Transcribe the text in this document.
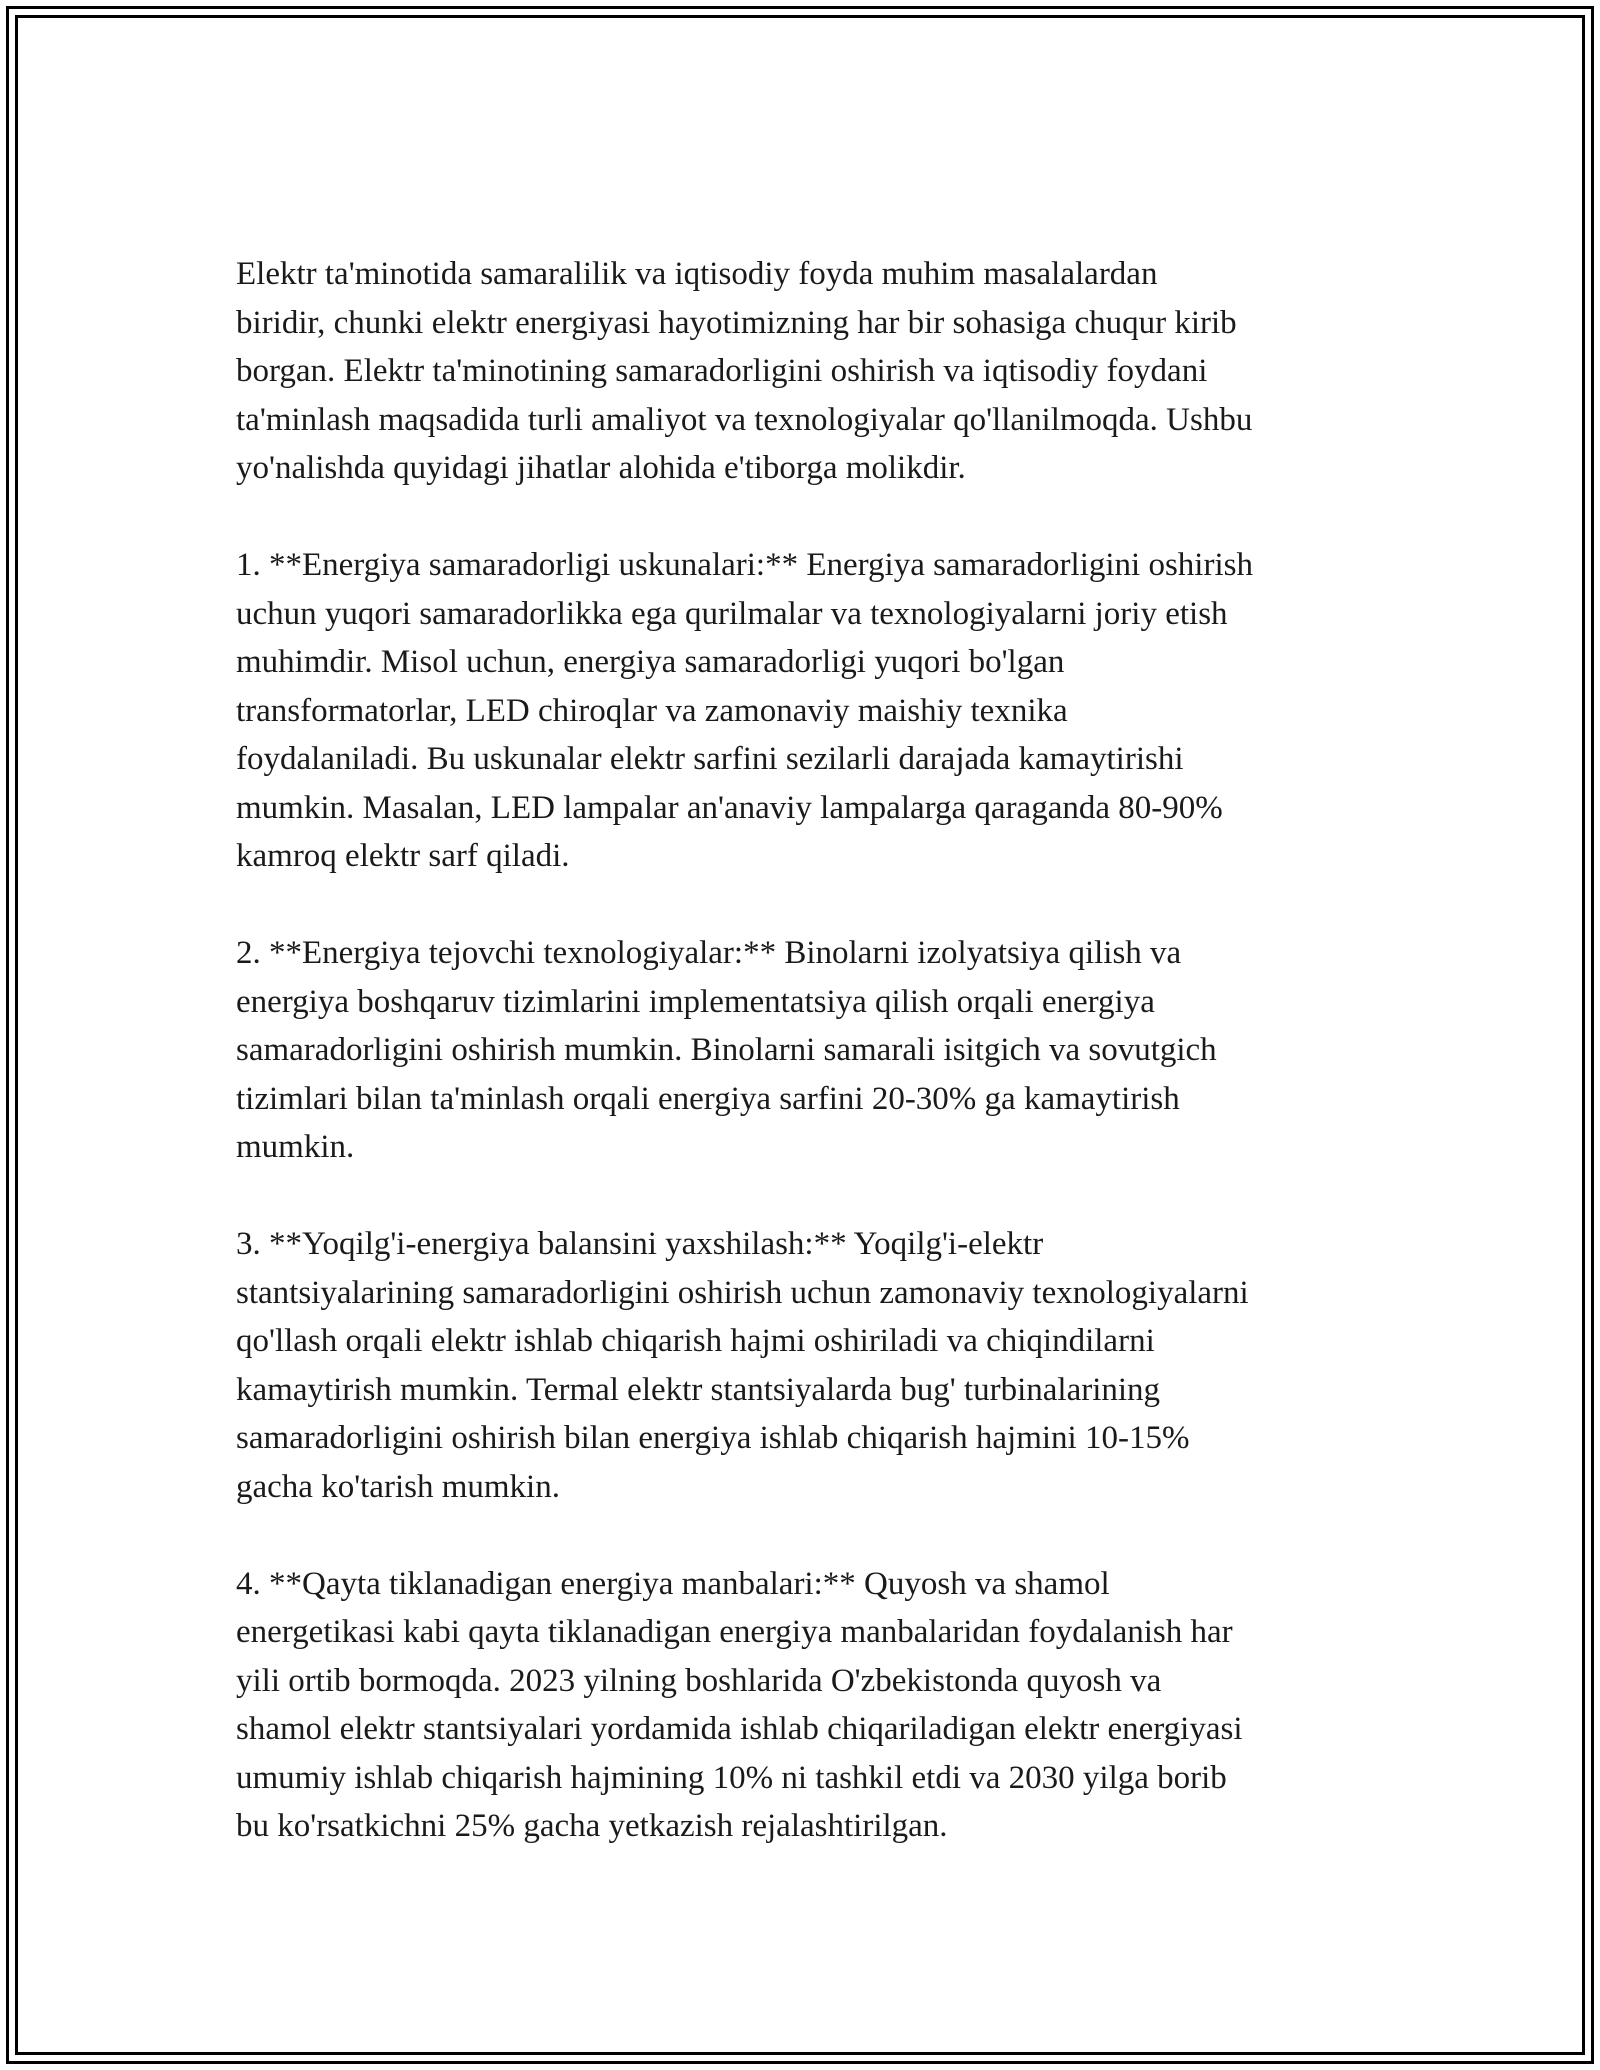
Elektr ta'minotida samaralilik va iqtisodiy foyda muhim masalalardan
biridir, chunki elektr energiyasi hayotimizning har bir sohasiga chuqur kirib
borgan. Elektr ta'minotining samaradorligini oshirish va iqtisodiy foydani
ta'minlash maqsadida turli amaliyot va texnologiyalar qo'llanilmoqda. Ushbu
yo'nalishda quyidagi jihatlar alohida e'tiborga molikdir.
1. **Energiya samaradorligi uskunalari:** Energiya samaradorligini oshirish
uchun yuqori samaradorlikka ega qurilmalar va texnologiyalarni joriy etish
muhimdir. Misol uchun, energiya samaradorligi yuqori bo'lgan
transformatorlar, LED chiroqlar va zamonaviy maishiy texnika
foydalaniladi. Bu uskunalar elektr sarfini sezilarli darajada kamaytirishi
mumkin. Masalan, LED lampalar an'anaviy lampalarga qaraganda 80-90%
kamroq elektr sarf qiladi.
2. **Energiya tejovchi texnologiyalar:** Binolarni izolyatsiya qilish va
energiya boshqaruv tizimlarini implementatsiya qilish orqali energiya
samaradorligini oshirish mumkin. Binolarni samarali isitgich va sovutgich
tizimlari bilan ta'minlash orqali energiya sarfini 20-30% ga kamaytirish
mumkin.
3. **Yoqilg'i-energiya balansini yaxshilash:** Yoqilg'i-elektr
stantsiyalarining samaradorligini oshirish uchun zamonaviy texnologiyalarni
qo'llash orqali elektr ishlab chiqarish hajmi oshiriladi va chiqindilarni
kamaytirish mumkin. Termal elektr stantsiyalarda bug' turbinalarining
samaradorligini oshirish bilan energiya ishlab chiqarish hajmini 10-15%
gacha ko'tarish mumkin.
4. **Qayta tiklanadigan energiya manbalari:** Quyosh va shamol
energetikasi kabi qayta tiklanadigan energiya manbalaridan foydalanish har
yili ortib bormoqda. 2023 yilning boshlarida O'zbekistonda quyosh va
shamol elektr stantsiyalari yordamida ishlab chiqariladigan elektr energiyasi
umumiy ishlab chiqarish hajmining 10% ni tashkil etdi va 2030 yilga borib
bu ko'rsatkichni 25% gacha yetkazish rejalashtirilgan.
